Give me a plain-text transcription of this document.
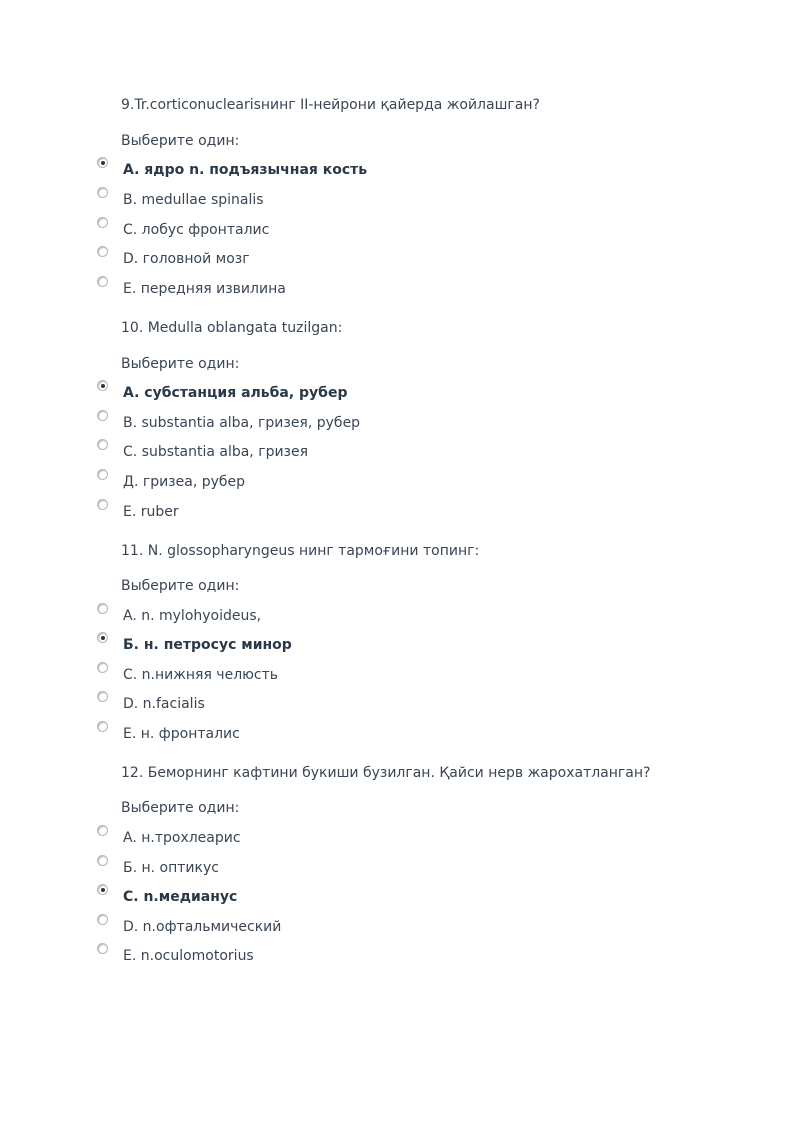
9.Tr.corticonuclearisнинг II-нейрони қайерда жойлашган?
Выберите один:
A. ядро n. подъязычная кость
B. medullae spinalis
C. лобус фронталис
D. головной мозг
E. передняя извилина
10. Medulla oblangata tuzilgan:
Выберите один:
A. субстанция альба, рубер
B. substantia alba, гризея, рубер
C. substantia alba, гризея
Д. гризеа, рубер
E. ruber
11. N. glossopharyngeus нинг тармоғини топинг:
Выберите один:
A. n. mylohyoideus,
Б. н. петросус минор
C. n.нижняя челюсть
D. n.facialis
E. н. фронталис
12. Беморнинг кафтини букиши бузилган. Қайси нерв жарохатланган?
Выберите один:
A. н.трохлеарис
Б. н. оптикус
C. n.медианус
D. n.офтальмический
E. n.oculomotorius
